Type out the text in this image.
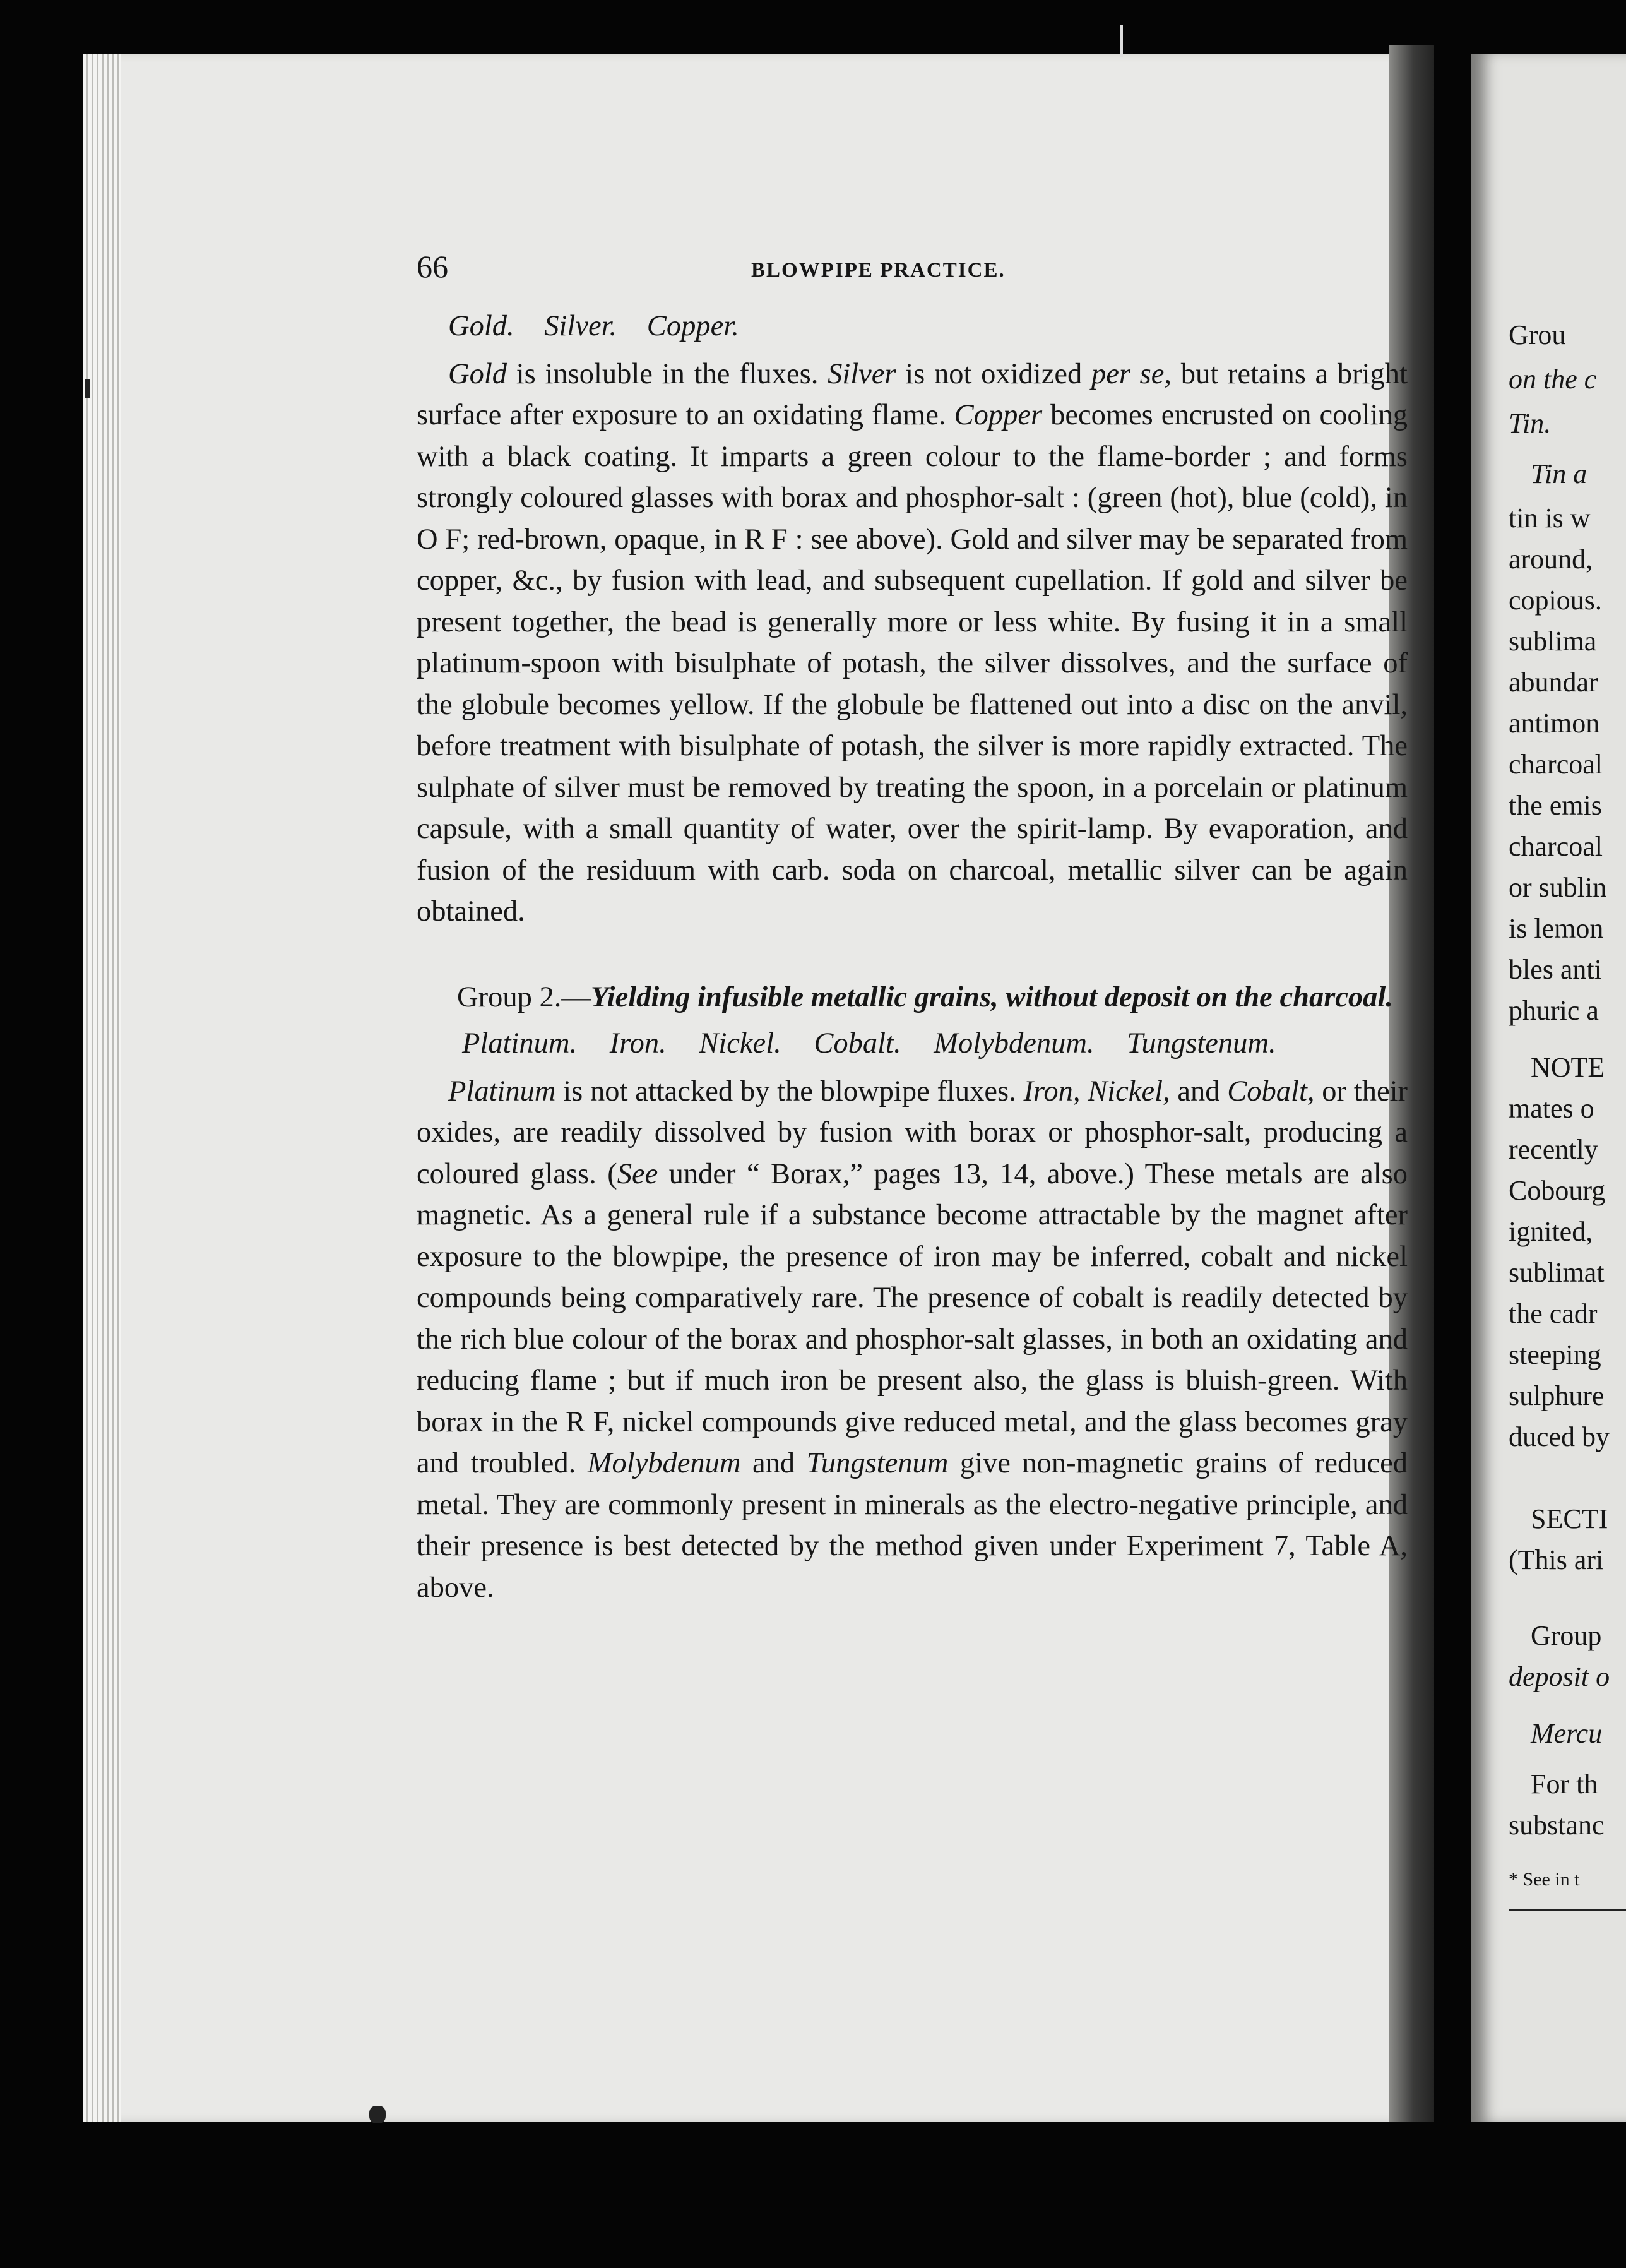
66	BLOWPIPE PRACTICE.
Gold. Silver. Copper.

Gold is insoluble in the fluxes. Silver is not oxidized per se, but retains a bright surface after exposure to an oxidating flame. Copper becomes encrusted on cooling with a black coating. It imparts a green colour to the flame-border ; and forms strongly coloured glasses with borax and phosphor-salt : (green (hot), blue (cold), in O F; red-brown, opaque, in R F : see above). Gold and silver may be separated from copper, &c., by fusion with lead, and subsequent cupellation. If gold and silver be present together, the bead is generally more or less white. By fusing it in a small platinum-spoon with bisulphate of potash, the silver dissolves, and the surface of the globule becomes yellow. If the globule be flattened out into a disc on the anvil, before treatment with bisulphate of potash, the silver is more rapidly extracted. The sulphate of silver must be removed by treating the spoon, in a porcelain or platinum capsule, with a small quantity of water, over the spirit-lamp. By evaporation, and fusion of the residuum with carb. soda on charcoal, metallic silver can be again obtained.

Group 2.—Yielding infusible metallic grains, without deposit on the charcoal.

Platinum. Iron. Nickel. Cobalt. Molybdenum. Tungstenum.

Platinum is not attacked by the blowpipe fluxes. Iron, Nickel, and Cobalt, or their oxides, are readily dissolved by fusion with borax or phosphor-salt, producing a coloured glass. (See under “ Borax,” pages 13, 14, above.) These metals are also magnetic. As a general rule if a substance become attractable by the magnet after exposure to the blowpipe, the presence of iron may be inferred, cobalt and nickel compounds being comparatively rare. The presence of cobalt is readily detected by the rich blue colour of the borax and phosphor-salt glasses, in both an oxidating and reducing flame ; but if much iron be present also, the glass is bluish-green. With borax in the R F, nickel compounds give reduced metal, and the glass becomes gray and troubled. Molybdenum and Tungstenum give non-magnetic grains of reduced metal. They are commonly present in minerals as the electro-negative principle, and their presence is best detected by the method given under Experiment 7, Table A, above.

Grou
on the c
Tin.
Tin a
tin is w
around,
copious.
sublima
abundar
antimon
charcoal
the emis
charcoal
or sublin
is lemon
bles anti
phuric a
NOTE
mates o
recently
Cobourg
ignited,
sublimat
the cadr
steeping
sulphure
duced by
SECTI
(This ari
Group
deposit o
Mercu
For th
substanc
* See in t
